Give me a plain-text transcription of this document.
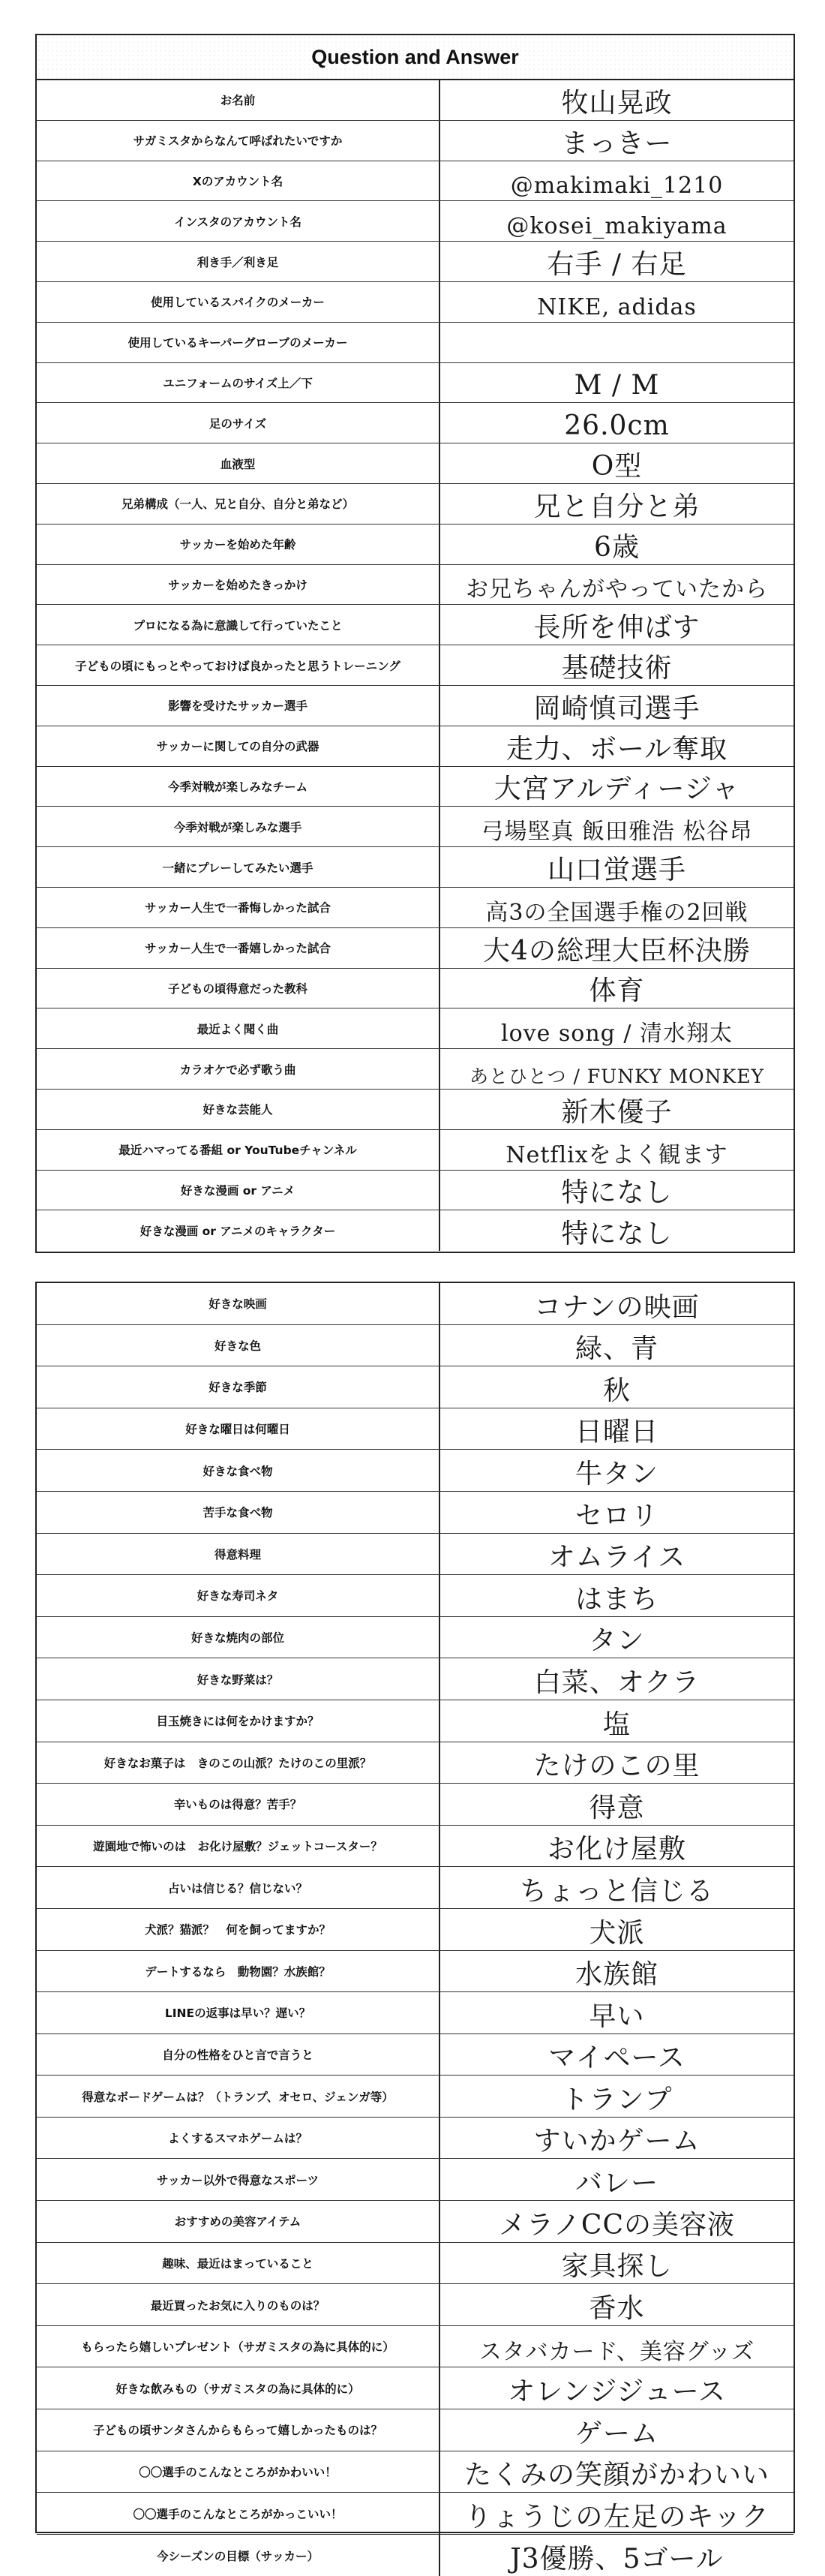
Question and Answer
お名前	牧山晃政
サガミスタからなんて呼ばれたいですか	まっきー
Xのアカウント名	@makimaki_1210
インスタのアカウント名	@kosei_makiyama
利き手／利き足	右手 / 右足
使用しているスパイクのメーカー	NIKE, adidas
使用しているキーパーグローブのメーカー
ユニフォームのサイズ上／下	M / M
足のサイズ	26.0cm
血液型	O型
兄弟構成（一人、兄と自分、自分と弟など）	兄と自分と弟
サッカーを始めた年齢	6歳
サッカーを始めたきっかけ	お兄ちゃんがやっていたから
プロになる為に意識して行っていたこと	長所を伸ばす
子どもの頃にもっとやっておけば良かったと思うトレーニング	基礎技術
影響を受けたサッカー選手	岡崎慎司選手
サッカーに関しての自分の武器	走力、ボール奪取
今季対戦が楽しみなチーム	大宮アルディージャ
今季対戦が楽しみな選手	弓場堅真 飯田雅浩 松谷昂
一緒にプレーしてみたい選手	山口蛍選手
サッカー人生で一番悔しかった試合	高3の全国選手権の2回戦
サッカー人生で一番嬉しかった試合	大4の総理大臣杯決勝
子どもの頃得意だった教科	体育
最近よく聞く曲	love song / 清水翔太
カラオケで必ず歌う曲	あとひとつ / FUNKY MONKEY
好きな芸能人	新木優子
最近ハマってる番組 or YouTubeチャンネル	Netflixをよく観ます
好きな漫画 or アニメ	特になし
好きな漫画 or アニメのキャラクター	特になし
好きな映画	コナンの映画
好きな色	緑、青
好きな季節	秋
好きな曜日は何曜日	日曜日
好きな食べ物	牛タン
苦手な食べ物	セロリ
得意料理	オムライス
好きな寿司ネタ	はまち
好きな焼肉の部位	タン
好きな野菜は？	白菜、オクラ
目玉焼きには何をかけますか？	塩
好きなお菓子は　きのこの山派？たけのこの里派？	たけのこの里
辛いものは得意？苦手？	得意
遊園地で怖いのは　お化け屋敷？ジェットコースター？	お化け屋敷
占いは信じる？信じない？	ちょっと信じる
犬派？猫派？　何を飼ってますか？	犬派
デートするなら　動物園？水族館？	水族館
LINEの返事は早い？遅い？	早い
自分の性格をひと言で言うと	マイペース
得意なボードゲームは？（トランプ、オセロ、ジェンガ等）	トランプ
よくするスマホゲームは？	すいかゲーム
サッカー以外で得意なスポーツ	バレー
おすすめの美容アイテム	メラノCCの美容液
趣味、最近はまっていること	家具探し
最近買ったお気に入りのものは？	香水
もらったら嬉しいプレゼント（サガミスタの為に具体的に）	スタバカード、美容グッズ
好きな飲みもの（サガミスタの為に具体的に）	オレンジジュース
子どもの頃サンタさんからもらって嬉しかったものは？	ゲーム
〇〇選手のこんなところがかわいい！	たくみの笑顔がかわいい
〇〇選手のこんなところがかっこいい！	りょうじの左足のキック
今シーズンの目標（サッカー）	J3優勝、5ゴール
